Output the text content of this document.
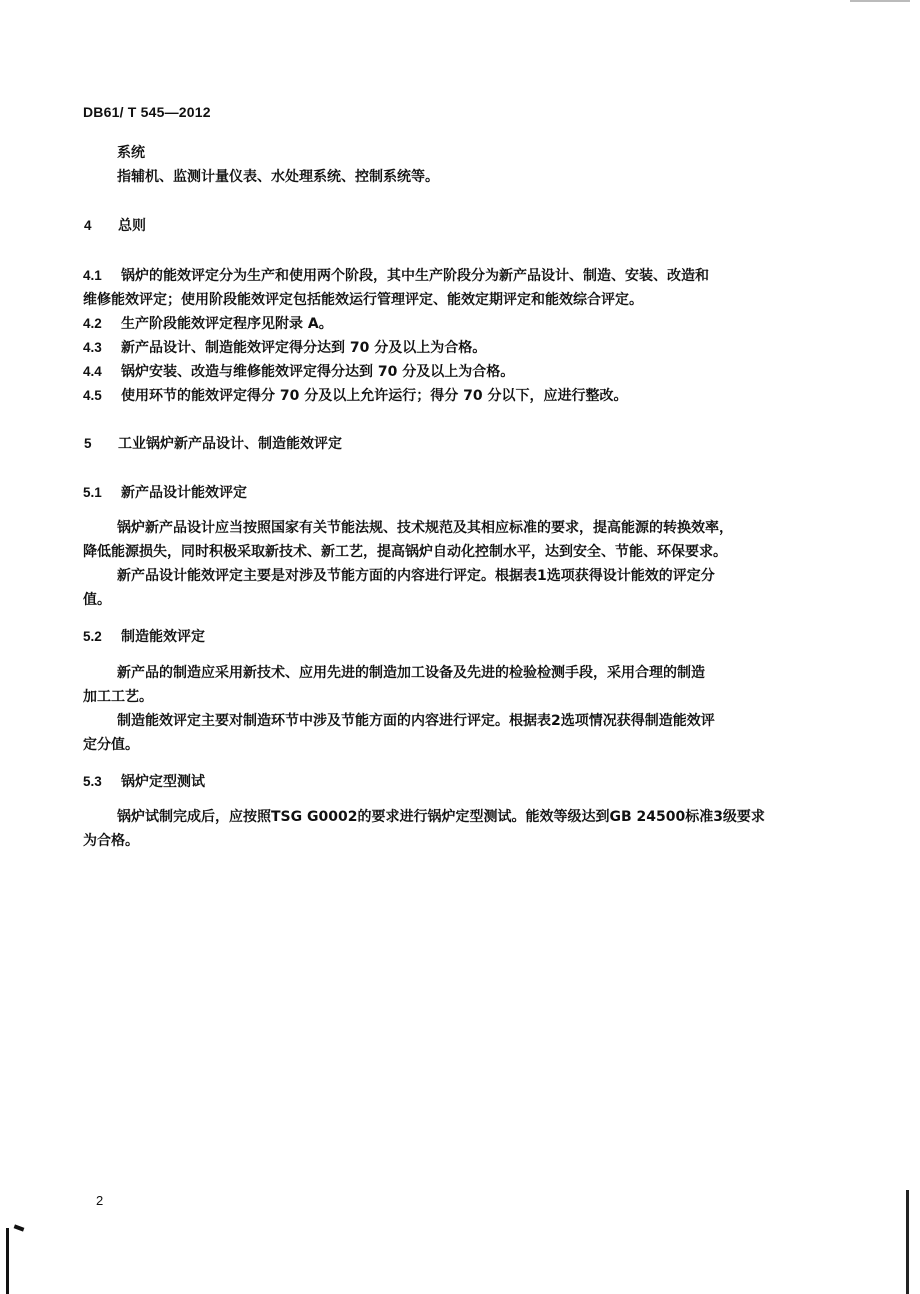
DB61/ T 545—2012
系统
指辅机、监测计量仪表、水处理系统、控制系统等。
4 总则
4.1 锅炉的能效评定分为生产和使用两个阶段，其中生产阶段分为新产品设计、制造、安装、改造和
维修能效评定；使用阶段能效评定包括能效运行管理评定、能效定期评定和能效综合评定。
4.2 生产阶段能效评定程序见附录 A。
4.3 新产品设计、制造能效评定得分达到 70 分及以上为合格。
4.4 锅炉安装、改造与维修能效评定得分达到 70 分及以上为合格。
4.5 使用环节的能效评定得分 70 分及以上允许运行；得分 70 分以下，应进行整改。
5 工业锅炉新产品设计、制造能效评定
5.1 新产品设计能效评定
锅炉新产品设计应当按照国家有关节能法规、技术规范及其相应标准的要求，提高能源的转换效率，
降低能源损失，同时积极采取新技术、新工艺，提高锅炉自动化控制水平，达到安全、节能、环保要求。
新产品设计能效评定主要是对涉及节能方面的内容进行评定。根据表1选项获得设计能效的评定分
值。
5.2 制造能效评定
新产品的制造应采用新技术、应用先进的制造加工设备及先进的检验检测手段，采用合理的制造
加工工艺。
制造能效评定主要对制造环节中涉及节能方面的内容进行评定。根据表2选项情况获得制造能效评
定分值。
5.3 锅炉定型测试
锅炉试制完成后，应按照TSG G0002的要求进行锅炉定型测试。能效等级达到GB 24500标准3级要求
为合格。
2
